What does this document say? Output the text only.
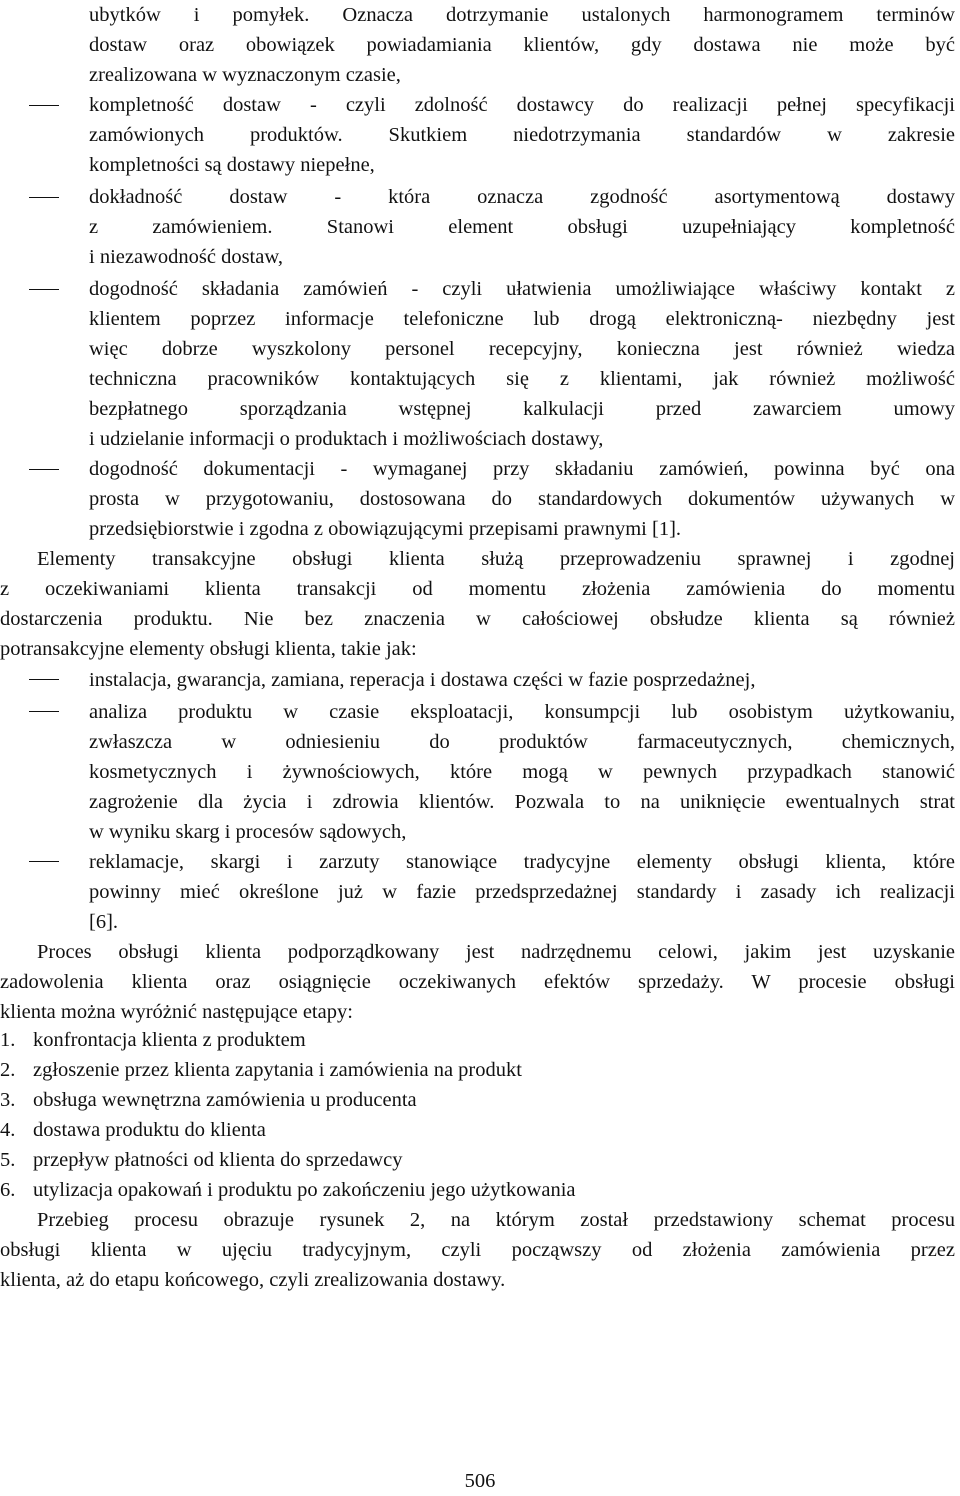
ubytków i pomyłek. Oznacza dotrzymanie ustalonych harmonogramem terminów
dostaw oraz obowiązek powiadamiania klientów, gdy dostawa nie może być
zrealizowana w wyznaczonym czasie,
kompletność dostaw - czyli zdolność dostawcy do realizacji pełnej specyfikacji
zamówionych produktów. Skutkiem niedotrzymania standardów w zakresie
kompletności są dostawy niepełne,
dokładność dostaw - która oznacza zgodność asortymentową dostawy
z zamówieniem. Stanowi element obsługi uzupełniający kompletność
i niezawodność dostaw,
dogodność składania zamówień - czyli ułatwienia umożliwiające właściwy kontakt z
klientem poprzez informacje telefoniczne lub drogą elektroniczną- niezbędny jest
więc dobrze wyszkolony personel recepcyjny, konieczna jest również wiedza
techniczna pracowników kontaktujących się z klientami, jak również możliwość
bezpłatnego sporządzania wstępnej kalkulacji przed zawarciem umowy
i udzielanie informacji o produktach i możliwościach dostawy,
dogodność dokumentacji - wymaganej przy składaniu zamówień, powinna być ona
prosta w przygotowaniu, dostosowana do standardowych dokumentów używanych w
przedsiębiorstwie i zgodna z obowiązującymi przepisami prawnymi [1].
Elementy transakcyjne obsługi klienta służą przeprowadzeniu sprawnej i zgodnej
z oczekiwaniami klienta transakcji od momentu złożenia zamówienia do momentu
dostarczenia produktu. Nie bez znaczenia w całościowej obsłudze klienta są również
potransakcyjne elementy obsługi klienta, takie jak:
instalacja, gwarancja, zamiana, reperacja i dostawa części w fazie posprzedażnej,
analiza produktu w czasie eksploatacji, konsumpcji lub osobistym użytkowaniu,
zwłaszcza w odniesieniu do produktów farmaceutycznych, chemicznych,
kosmetycznych i żywnościowych, które mogą w pewnych przypadkach stanowić
zagrożenie dla życia i zdrowia klientów. Pozwala to na uniknięcie ewentualnych strat
w wyniku skarg i procesów sądowych,
reklamacje, skargi i zarzuty stanowiące tradycyjne elementy obsługi klienta, które
powinny mieć określone już w fazie przedsprzedażnej standardy i zasady ich realizacji
[6].
Proces obsługi klienta podporządkowany jest nadrzędnemu celowi, jakim jest uzyskanie
zadowolenia klienta oraz osiągnięcie oczekiwanych efektów sprzedaży. W procesie obsługi
klienta można wyróżnić następujące etapy:
1. konfrontacja klienta z produktem
2. zgłoszenie przez klienta zapytania i zamówienia na produkt
3. obsługa wewnętrzna zamówienia u producenta
4. dostawa produktu do klienta
5. przepływ płatności od klienta do sprzedawcy
6. utylizacja opakowań i produktu po zakończeniu jego użytkowania
Przebieg procesu obrazuje rysunek 2, na którym został przedstawiony schemat procesu
obsługi klienta w ujęciu tradycyjnym, czyli począwszy od złożenia zamówienia przez
klienta, aż do etapu końcowego, czyli zrealizowania dostawy.
506
